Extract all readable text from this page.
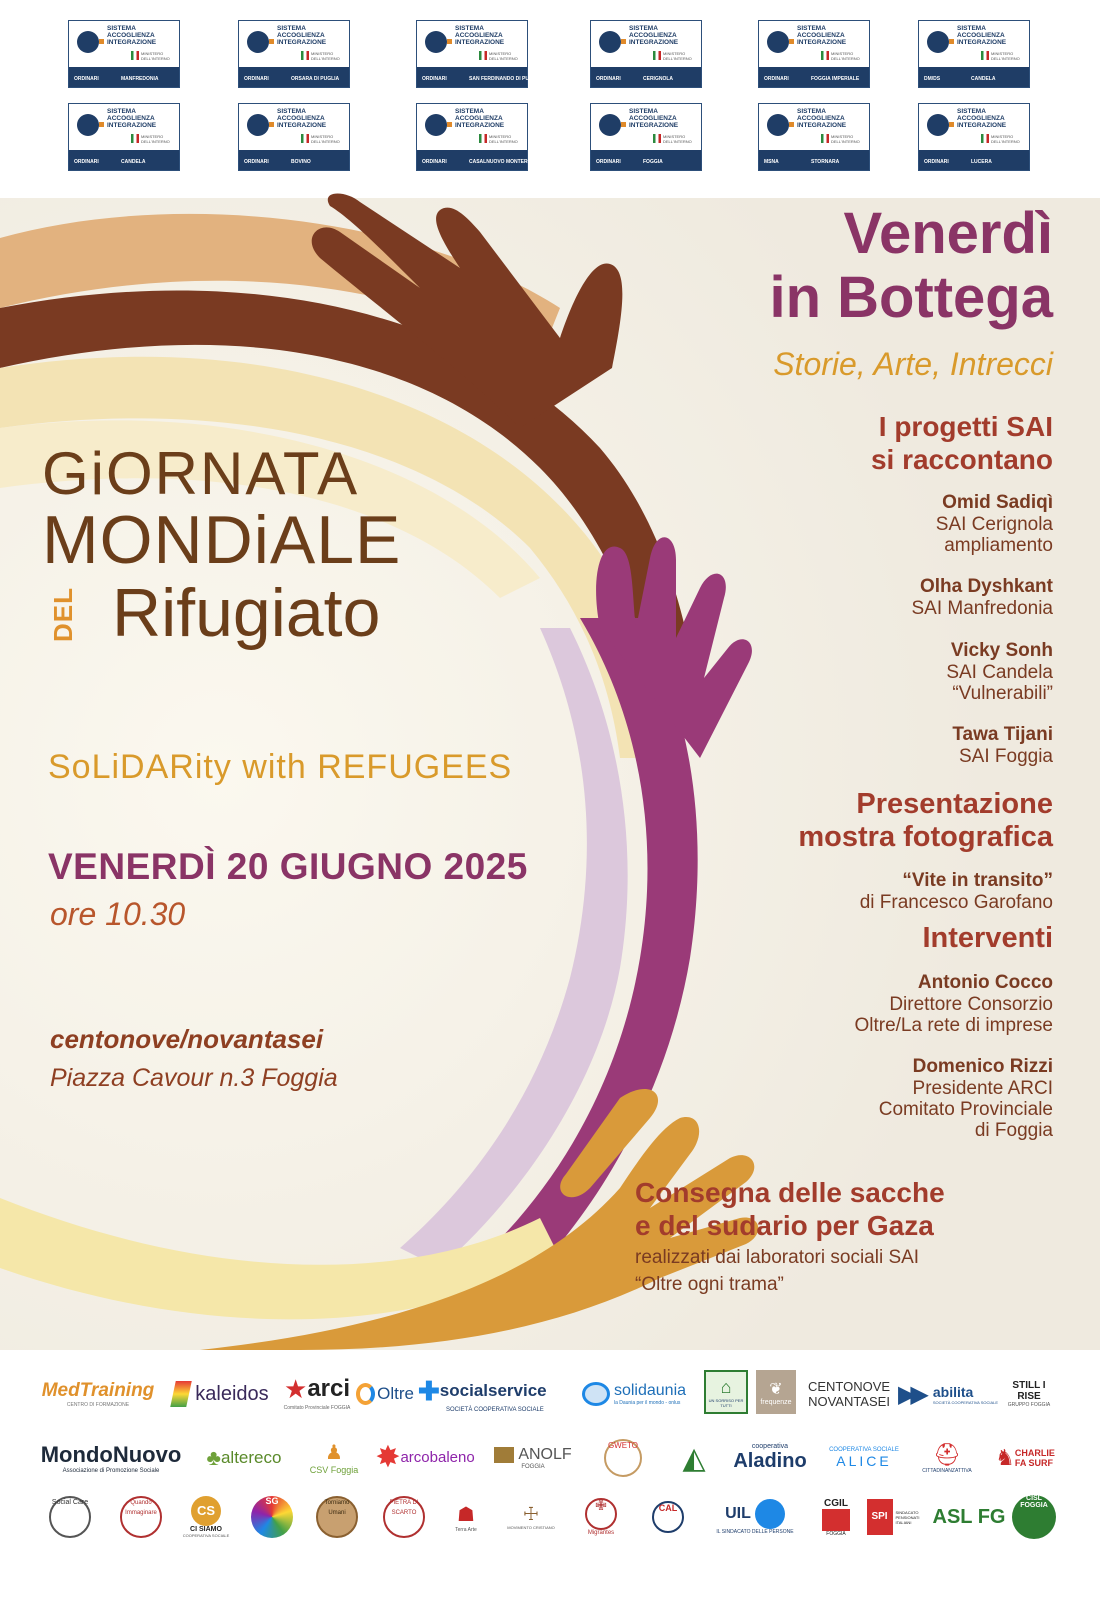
SISTEMA ACCOGLIENZA INTEGRAZIONE
MINISTERO DELL'INTERNO
ORDINARI	MANFREDONIA
SISTEMA ACCOGLIENZA INTEGRAZIONE
MINISTERO DELL'INTERNO
ORDINARI	ORSARA DI PUGLIA
SISTEMA ACCOGLIENZA INTEGRAZIONE
MINISTERO DELL'INTERNO
ORDINARI	SAN FERDINANDO DI PUGLIA
SISTEMA ACCOGLIENZA INTEGRAZIONE
MINISTERO DELL'INTERNO
ORDINARI	CERIGNOLA
SISTEMA ACCOGLIENZA INTEGRAZIONE
MINISTERO DELL'INTERNO
ORDINARI	FOGGIA IMPERIALE
SISTEMA ACCOGLIENZA INTEGRAZIONE
MINISTERO DELL'INTERNO
DM/DS	CANDELA
SISTEMA ACCOGLIENZA INTEGRAZIONE
MINISTERO DELL'INTERNO
ORDINARI	CANDELA
SISTEMA ACCOGLIENZA INTEGRAZIONE
MINISTERO DELL'INTERNO
ORDINARI	BOVINO
SISTEMA ACCOGLIENZA INTEGRAZIONE
MINISTERO DELL'INTERNO
ORDINARI	CASALNUOVO MONTEROTARO
SISTEMA ACCOGLIENZA INTEGRAZIONE
MINISTERO DELL'INTERNO
ORDINARI	FOGGIA
SISTEMA ACCOGLIENZA INTEGRAZIONE
MINISTERO DELL'INTERNO
MSNA	STORNARA
SISTEMA ACCOGLIENZA INTEGRAZIONE
MINISTERO DELL'INTERNO
ORDINARI	LUCERA
GiORNATA
MONDiALE
DEL Rifugiato
SoLiDARity with REFUGEES
VENERDÌ 20 GIUGNO 2025
ore 10.30
centonove/novantasei
Piazza Cavour n.3 Foggia
Venerdì
in Bottega
Storie, Arte, Intrecci
I progetti SAI
si raccontano
Omid Sadiqì
SAI Cerignola
ampliamento
Olha Dyshkant
SAI Manfredonia
Vicky Sonh
SAI Candela
“Vulnerabili”
Tawa Tijani
SAI Foggia
Presentazione
mostra fotografica
“Vite in transito”
di Francesco Garofano
Interventi
Antonio Cocco
Direttore Consorzio
Oltre/La rete di imprese
Domenico Rizzi
Presidente ARCI
Comitato Provinciale
di Foggia
Consegna delle sacche
e del sudario per Gaza
realizzati dai laboratori sociali SAI
“Oltre ogni trama”
MedTraining
CENTRO DI FORMAZIONE
kaleidos ★ arci
Comitato Provinciale FOGGIA
Oltre ✚ socialservice
SOCIETÀ COOPERATIVA SOCIALE
solidaunia
la Daunia per il mondo - onlus
⌂
UN SORRISO PER TUTTI
❦
frequenze
CENTONOVE NOVANTASEI ▶▶ abilita
SOCIETÀ COOPERATIVA SOCIALE
STILL I RISE
GRUPPO FOGGIA
MondoNuovo
Associazione di Promozione Sociale
♣ altereco ♟
CSV Foggia ✸ arcobaleno	ANOLF
FOGGIA
GWETO ◭	cooperativa
Aladino	COOPERATIVA SOCIALE
ALICE ⛑
CITTADINANZATTIVA
♞ CHARLIE FA SURF
Social Care	Quando Immaginare	CS
CI SIAMO
COOPERATIVA SOCIALE
SG	Torniamo Umani
PIETRA DI SCARTO	☗
Terra Arte
☩
MOVIMENTO CRISTIANO
✙
Migrantes
CAL	UIL
IL SINDACATO DELLE PERSONE
CGIL
FOGGIA
SPI	SINDACATO PENSIONATI ITALIANI	ASL FG
CISL FOGGIA
